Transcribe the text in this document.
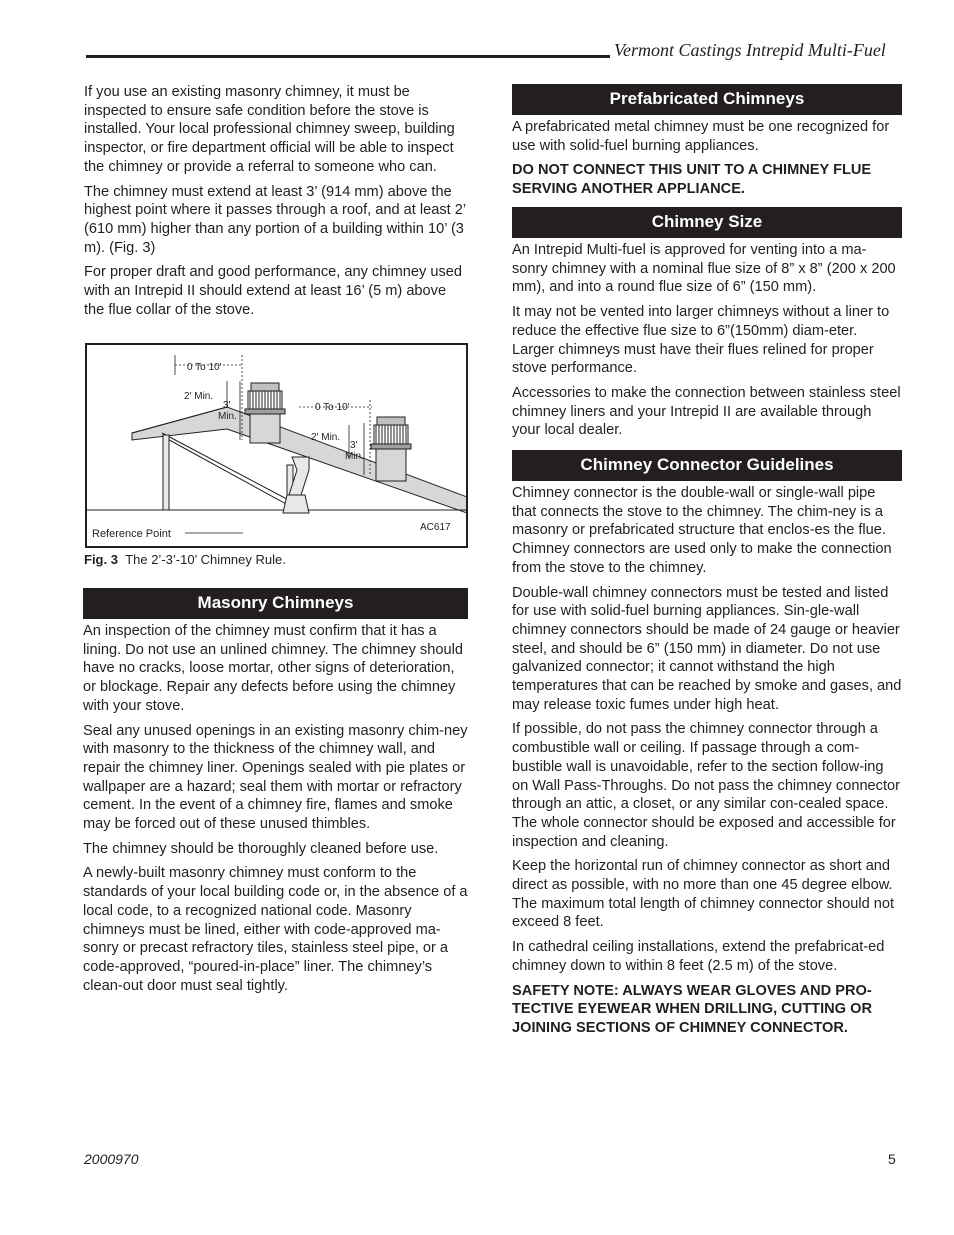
Vermont Castings Intrepid Multi-Fuel

If you use an existing masonry chimney, it must be inspected to ensure safe condition before the stove is installed. Your local professional chimney sweep, building inspector, or fire department official will be able to inspect the chimney or provide a referral to someone who can.

The chimney must extend at least 3’ (914 mm) above the highest point where it passes through a roof, and at least 2’ (610 mm) higher than any portion of a building within 10’ (3 m). (Fig. 3)

For proper draft and good performance, any chimney used with an Intrepid II should extend at least 16’ (5 m) above the flue collar of the stove.

0 To 10'
2' Min.
3'
Min.
0 To 10'
2' Min.
3'
Min.
Reference Point
AC617
Fig. 3 The 2’-3’-10’ Chimney Rule.
Masonry Chimneys

An inspection of the chimney must confirm that it has a lining. Do not use an unlined chimney. The chimney should have no cracks, loose mortar, other signs of deterioration, or blockage. Repair any defects before using the chimney with your stove.

Seal any unused openings in an existing masonry chim-ney with masonry to the thickness of the chimney wall, and repair the chimney liner. Openings sealed with pie plates or wallpaper are a hazard; seal them with mortar or refractory cement. In the event of a chimney fire, flames and smoke may be forced out of these unused thimbles.

The chimney should be thoroughly cleaned before use.

A newly-built masonry chimney must conform to the standards of your local building code or, in the absence of a local code, to a recognized national code. Masonry chimneys must be lined, either with code-approved ma-sonry or precast refractory tiles, stainless steel pipe, or a code-approved, “poured-in-place” liner. The chimney’s clean-out door must seal tightly.

Prefabricated Chimneys

A prefabricated metal chimney must be one recognized for use with solid-fuel burning appliances.

DO NOT CONNECT THIS UNIT TO A CHIMNEY FLUE SERVING ANOTHER APPLIANCE.

Chimney Size

An Intrepid Multi-fuel is approved for venting into a ma-sonry chimney with a nominal flue size of 8” x 8” (200 x 200 mm), and into a round flue size of 6” (150 mm).

It may not be vented into larger chimneys without a liner to reduce the effective flue size to 6”(150mm) diam-eter. Larger chimneys must have their flues relined for proper stove performance.

Accessories to make the connection between stainless steel chimney liners and your Intrepid II are available through your local dealer.

Chimney Connector Guidelines

Chimney connector is the double-wall or single-wall pipe that connects the stove to the chimney. The chim-ney is a masonry or prefabricated structure that enclos-es the flue. Chimney connectors are used only to make the connection from the stove to the chimney.

Double-wall chimney connectors must be tested and listed for use with solid-fuel burning appliances. Sin-gle-wall chimney connectors should be made of 24 gauge or heavier steel, and should be 6” (150 mm) in diameter. Do not use galvanized connector; it cannot withstand the high temperatures that can be reached by smoke and gases, and may release toxic fumes under high heat.

If possible, do not pass the chimney connector through a combustible wall or ceiling. If passage through a com-bustible wall is unavoidable, refer to the section follow-ing on Wall Pass-Throughs. Do not pass the chimney connector through an attic, a closet, or any similar con-cealed space. The whole connector should be exposed and accessible for inspection and cleaning.

Keep the horizontal run of chimney connector as short and direct as possible, with no more than one 45 degree elbow. The maximum total length of chimney connector should not exceed 8 feet.

In cathedral ceiling installations, extend the prefabricat-ed chimney down to within 8 feet (2.5 m) of the stove.

SAFETY NOTE: ALWAYS WEAR GLOVES AND PRO-TECTIVE EYEWEAR WHEN DRILLING, CUTTING OR JOINING SECTIONS OF CHIMNEY CONNECTOR.

2000970	5
